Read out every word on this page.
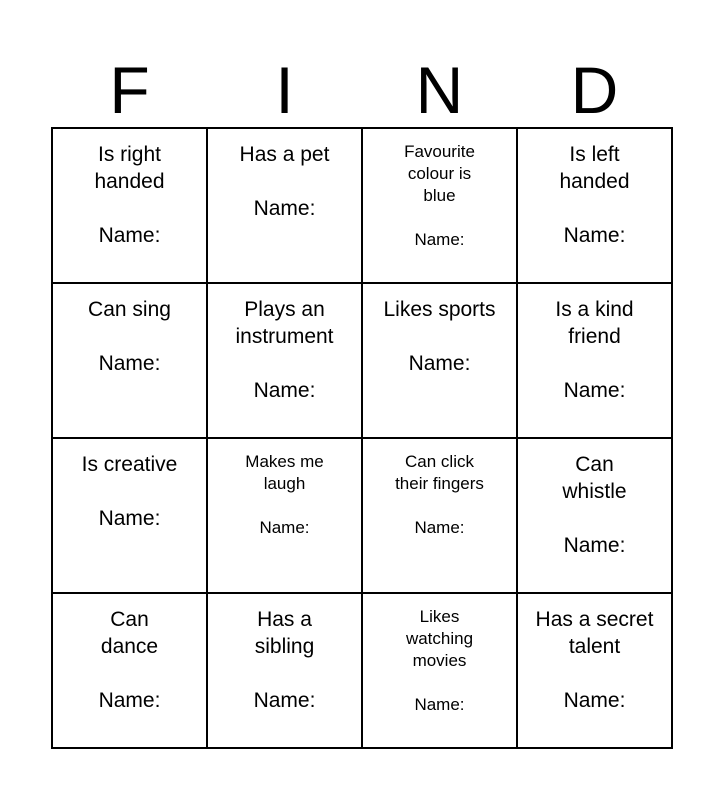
F	I	N	D
Is right
handed

Name:
Has a pet

Name:
Favourite
colour is
blue

Name:
Is left
handed

Name:
Can sing

Name:
Plays an
instrument

Name:
Likes sports

Name:
Is a kind
friend

Name:
Is creative

Name:
Makes me
laugh

Name:
Can click
their fingers

Name:
Can
whistle

Name:
Can
dance

Name:
Has a
sibling

Name:
Likes
watching
movies

Name:
Has a secret
talent

Name:
